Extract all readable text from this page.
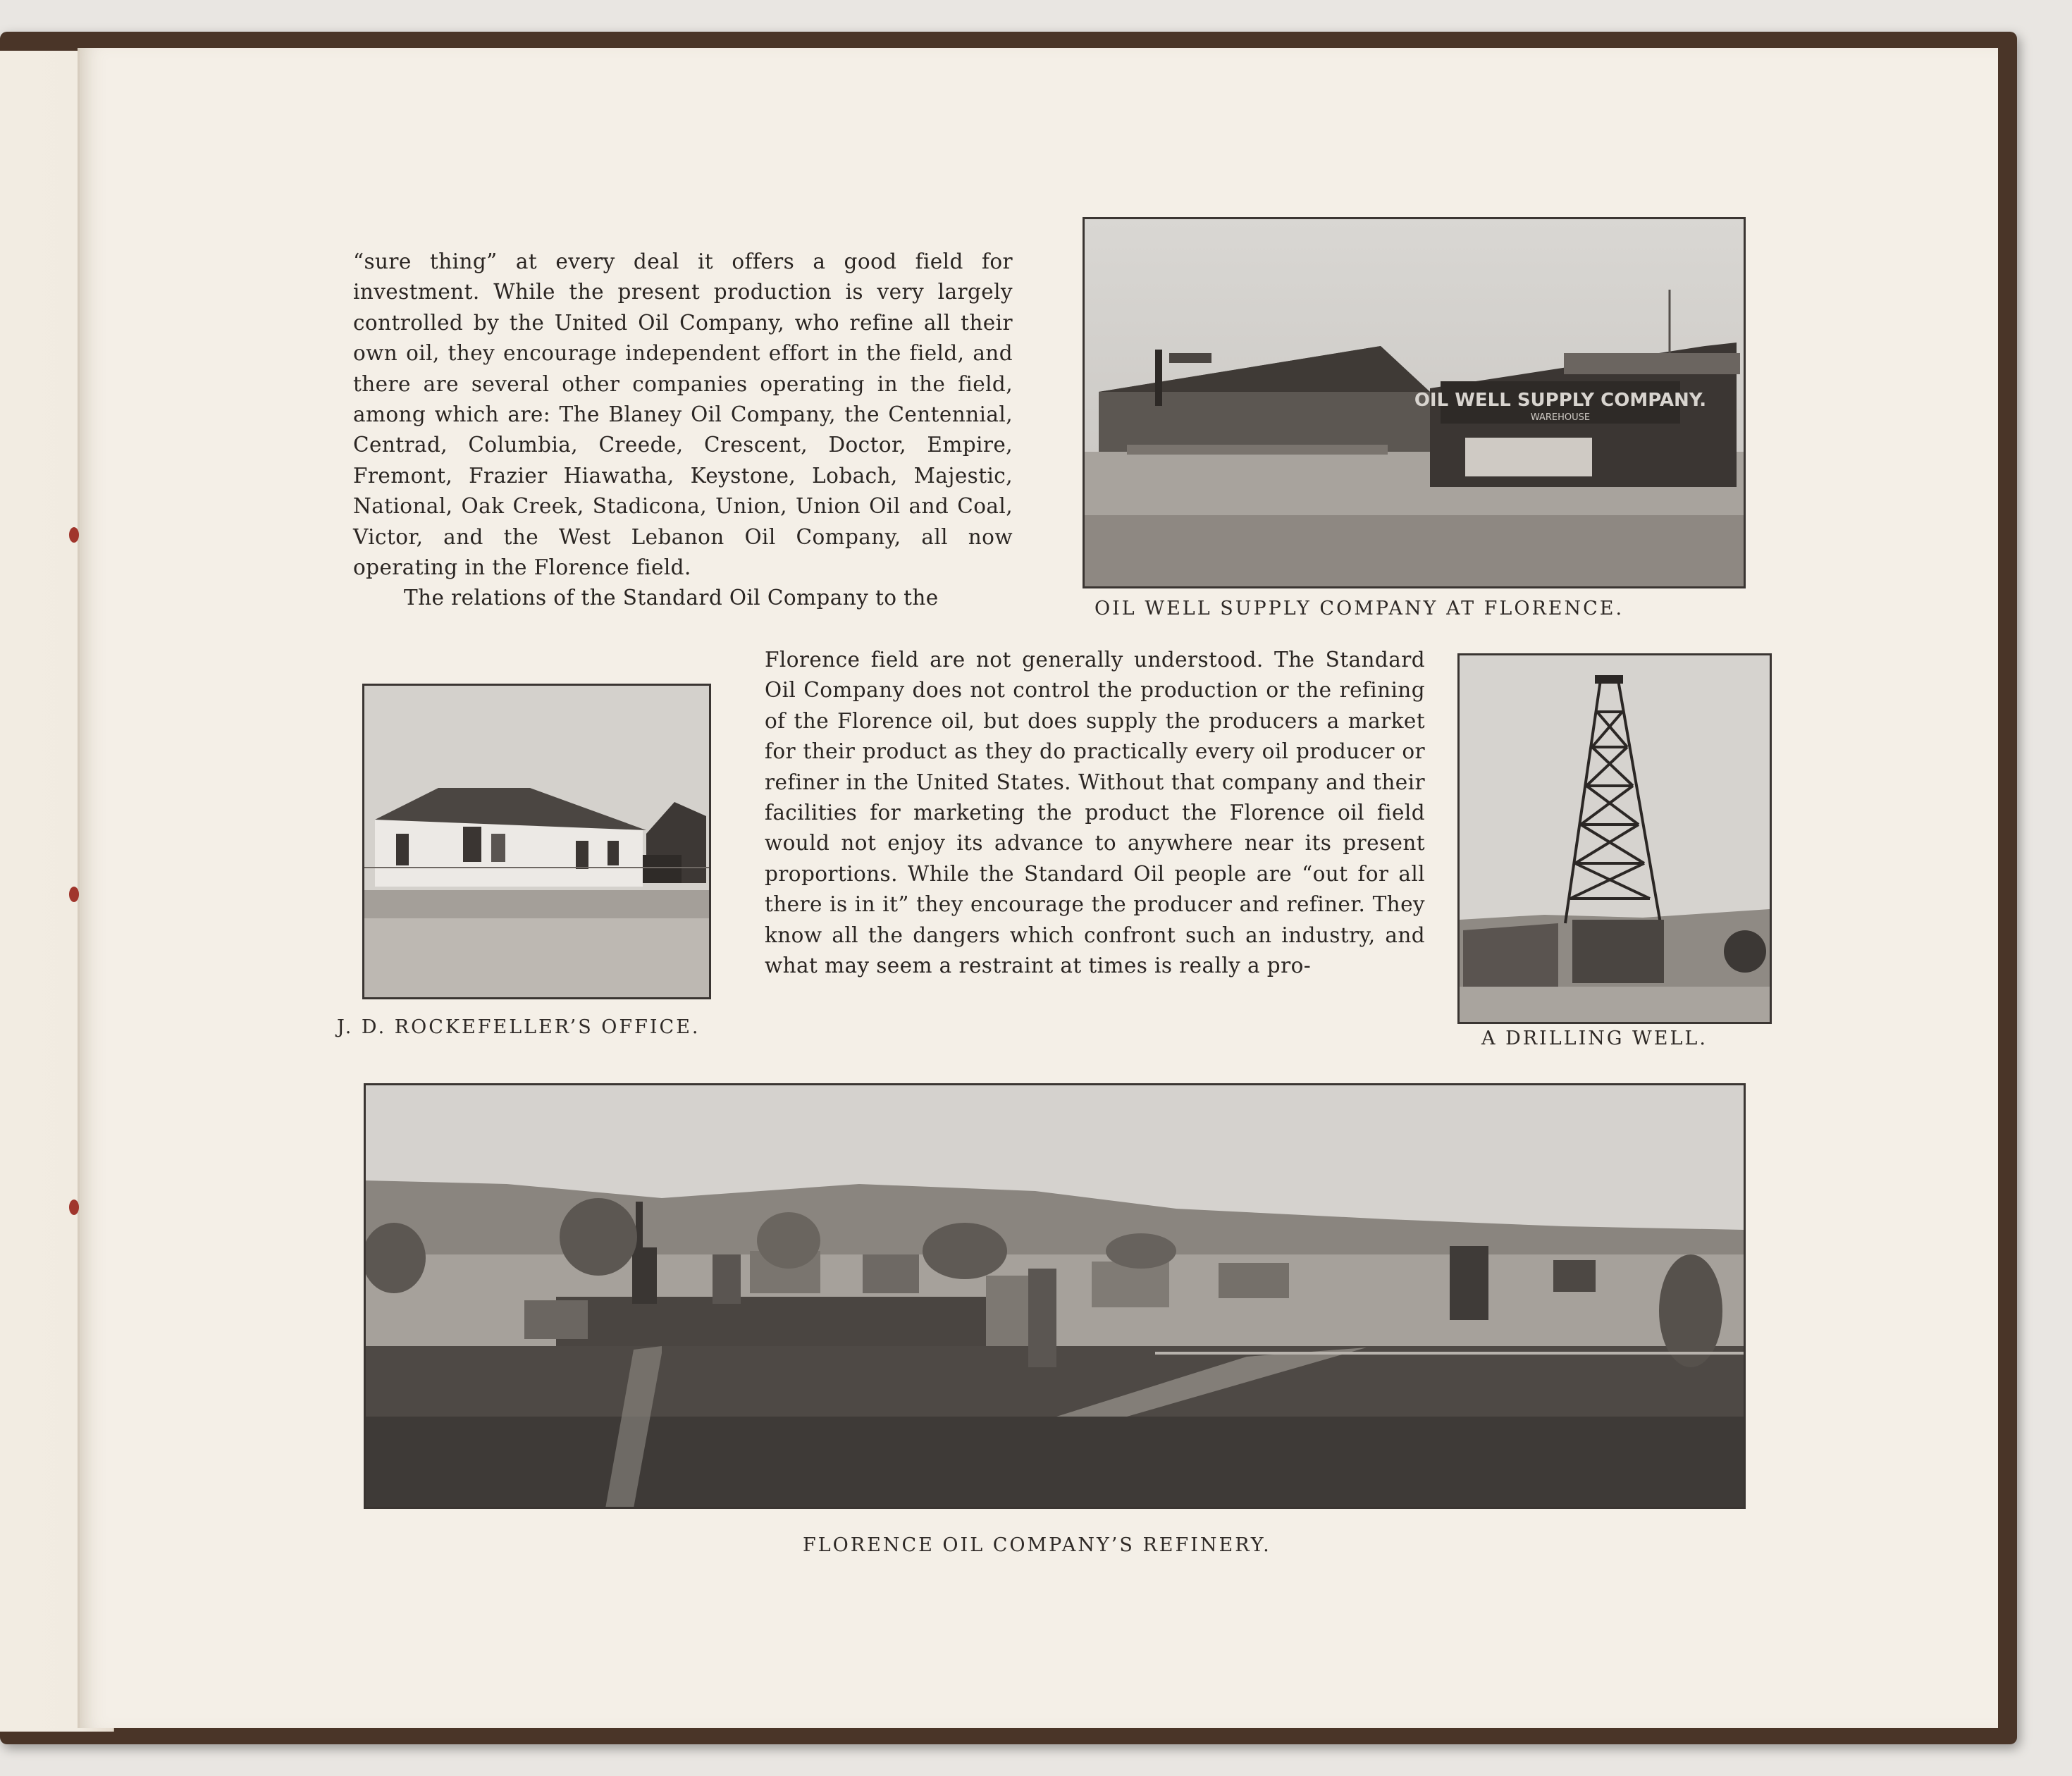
“sure thing” at every deal it offers a good field for investment. While the present production is very largely controlled by the United Oil Company, who refine all their own oil, they encourage independent effort in the field, and there are several other companies operating in the field, among which are: The Blaney Oil Company, the Centennial, Centrad, Columbia, Creede, Crescent, Doctor, Empire, Fremont, Frazier Hiawatha, Keystone, Lobach, Majestic, National, Oak Creek, Stadicona, Union, Union Oil and Coal, Victor, and the West Lebanon Oil Company, all now operating in the Florence field.

The relations of the Standard Oil Company to the

Florence field are not generally understood. The Standard Oil Company does not control the production or the refining of the Florence oil, but does supply the producers a market for their product as they do practically every oil producer or refiner in the United States. Without that company and their facilities for marketing the product the Florence oil field would not enjoy its advance to anywhere near its present proportions. While the Standard Oil people are “out for all there is in it” they encourage the producer and refiner. They know all the dangers which confront such an industry, and what may seem a restraint at times is really a pro-

OIL WELL SUPPLY COMPANY.
WAREHOUSE
OIL WELL SUPPLY COMPANY AT FLORENCE.
J. D. ROCKEFELLER’S OFFICE.
A DRILLING WELL.
FLORENCE OIL COMPANY’S REFINERY.
